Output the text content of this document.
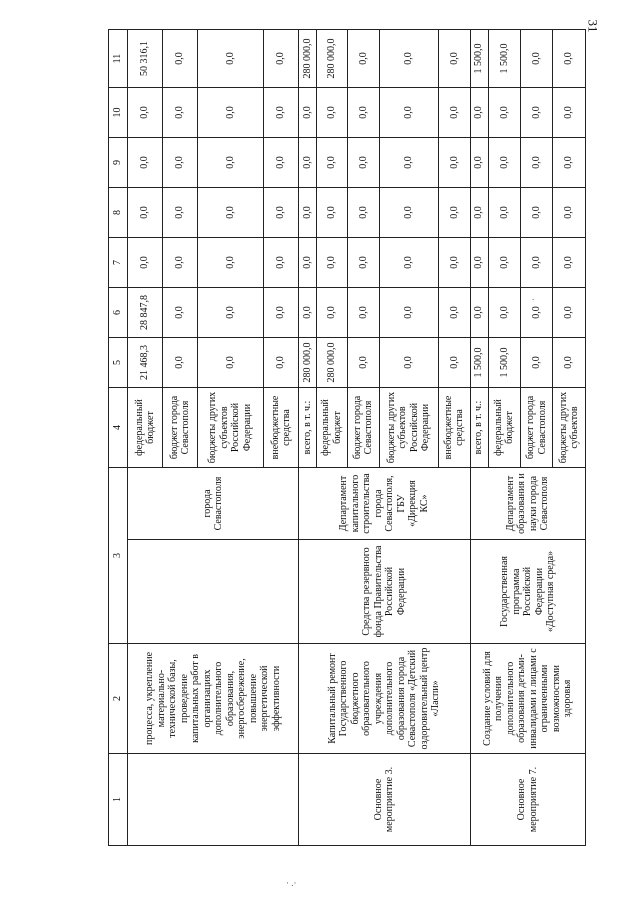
31
1	2	3		4	5	6	7	8	9	10	11
	процесса, укрепление материально-технической базы, проведение капитальных работ в организациях дополнительного образования, энергосбережение, повышение энергетической эффективности		города Севастополя	федеральный бюджет	21 468,3	28 847,8	0,0	0,0	0,0	0,0	50 316,1
				бюджет города Севастополя	0,0	0,0	0,0	0,0	0,0	0,0	0,0
				бюджеты других субъектов Российской Федерации	0,0	0,0	0,0	0,0	0,0	0,0	0,0
				внебюджетные средства	0,0	0,0	0,0	0,0	0,0	0,0	0,0
Основное мероприятие 3.	Капитальный ремонт Государственного бюджетного образовательного учреждения дополнительного образования города Севастополя «Детский оздоровительный центр «Ласпи»	Средства резервного фонда Правительства Российской Федерации	Департамент капитального строительства города Севастополя, ГБУ «Дирекция КС»	всего, в т. ч.:	280 000,0	0,0	0,0	0,0	0,0	0,0	280 000,0
				федеральный бюджет	280 000,0	0,0	0,0	0,0	0,0	0,0	280 000,0
				бюджет города Севастополя	0,0	0,0	0,0	0,0	0,0	0,0	0,0
				бюджеты других субъектов Российской Федерации	0,0	0,0	0,0	0,0	0,0	0,0	0,0
				внебюджетные средства	0,0	0,0	0,0	0,0	0,0	0,0	0,0
Основное мероприятие 7.	Создание условий для получения дополнительного образования детьми-инвалидами и лицами с ограниченными возможностями здоровья	Государственная программа Российской Федерации «Доступная среда»	Департамент образования и науки города Севастополя	всего, в т. ч.:	1 500,0	0,0	0,0	0,0	0,0	0,0	1 500,0
				федеральный бюджет	1 500,0	0,0	0,0	0,0	0,0	0,0	1 500,0
				бюджет города Севастополя	0,0	0,0	0,0	0,0	0,0	0,0	0,0
				бюджеты других субъектов	0,0	0,0	0,0	0,0	0,0	0,0	0,0
.
· .·
